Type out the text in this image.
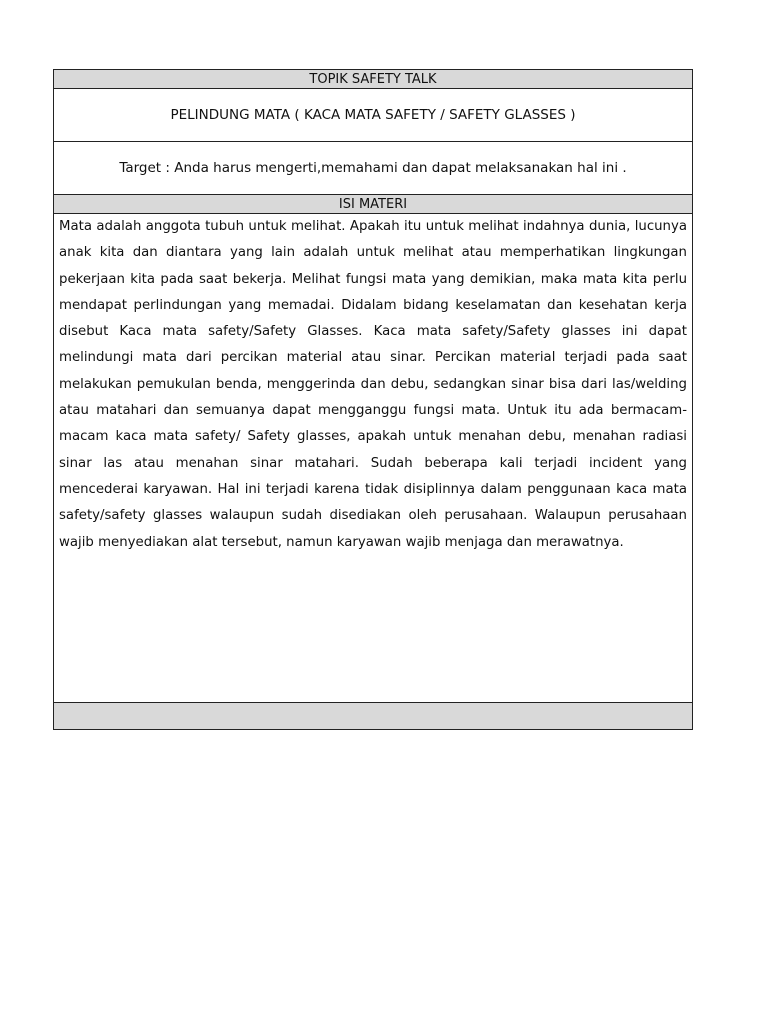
TOPIK SAFETY TALK
PELINDUNG MATA ( KACA MATA SAFETY / SAFETY GLASSES )
Target : Anda harus mengerti,memahami dan dapat melaksanakan hal ini .
ISI MATERI

Mata adalah anggota tubuh untuk melihat. Apakah itu untuk melihat indahnya dunia, lucunya anak kita dan diantara yang lain adalah untuk melihat atau memperhatikan lingkungan pekerjaan kita pada saat bekerja. Melihat fungsi mata yang demikian, maka mata kita perlu mendapat perlindungan yang memadai. Didalam bidang keselamatan dan kesehatan kerja disebut Kaca mata safety/Safety Glasses. Kaca mata safety/Safety glasses ini dapat melindungi mata dari percikan material atau sinar. Percikan material terjadi pada saat melakukan pemukulan benda, menggerinda dan debu, sedangkan sinar bisa dari las/welding atau matahari dan semuanya dapat mengganggu fungsi mata. Untuk itu ada bermacam-macam kaca mata safety/ Safety glasses, apakah untuk menahan debu, menahan radiasi sinar las atau menahan sinar matahari. Sudah beberapa kali terjadi incident yang mencederai karyawan. Hal ini terjadi karena tidak disiplinnya dalam penggunaan kaca mata safety/safety glasses walaupun sudah disediakan oleh perusahaan. Walaupun perusahaan wajib menyediakan alat tersebut, namun karyawan wajib menjaga dan merawatnya.
